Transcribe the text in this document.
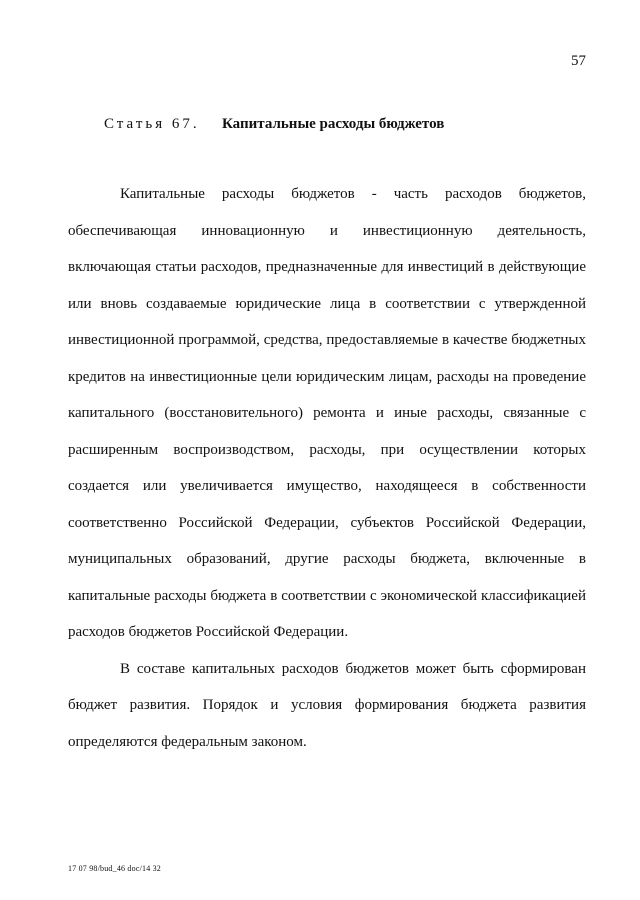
57
Статья 67. Капитальные расходы бюджетов

Капитальные расходы бюджетов - часть расходов бюджетов, обеспечивающая инновационную и инвестиционную деятельность, включающая статьи расходов, предназначенные для инвестиций в действующие или вновь создаваемые юридические лица в соответствии с утвержденной инвестиционной программой, средства, предоставляемые в качестве бюджетных кредитов на инвестиционные цели юридическим лицам, расходы на проведение капитального (восстановительного) ремонта и иные расходы, связанные с расширенным воспроизводством, расходы, при осуществлении которых создается или увеличивается имущество, находящееся в собственности соответственно Российской Федерации, субъектов Российской Федерации, муниципальных образований, другие расходы бюджета, включенные в капитальные расходы бюджета в соответствии с экономической классификацией расходов бюджетов Российской Федерации.

В составе капитальных расходов бюджетов может быть сформирован бюджет развития. Порядок и условия формирования бюджета развития определяются федеральным законом.

17 07 98/bud_46 doc/14 32
